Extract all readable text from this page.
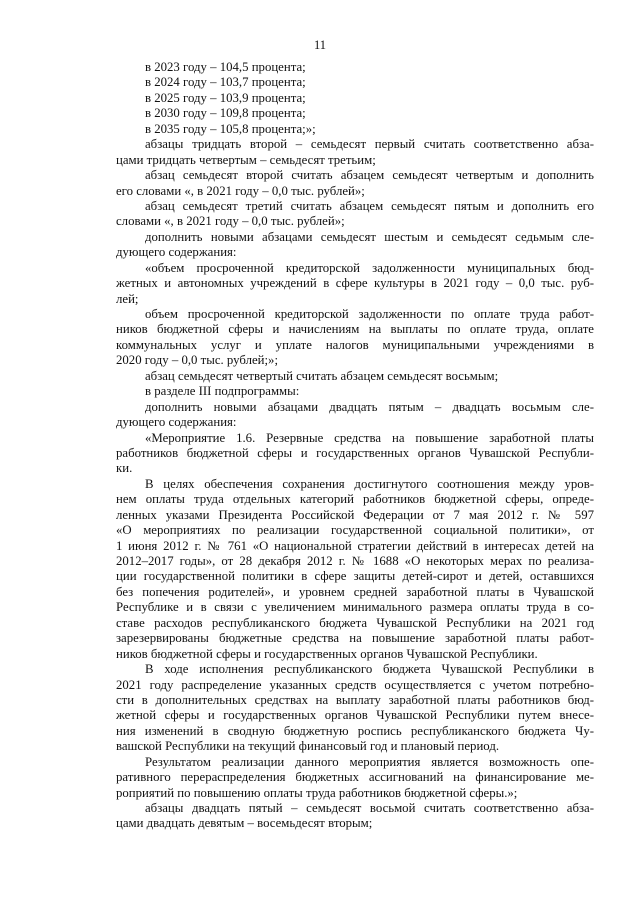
11
в 2023 году – 104,5 процента;
в 2024 году – 103,7 процента;
в 2025 году – 103,9 процента;
в 2030 году – 109,8 процента;
в 2035 году – 105,8 процента;»;
абзацы тридцать второй – семьдесят первый считать соответственно абза-
цами тридцать четвертым – семьдесят третьим;
абзац семьдесят второй считать абзацем семьдесят четвертым и дополнить
его словами «, в 2021 году – 0,0 тыс. рублей»;
абзац семьдесят третий считать абзацем семьдесят пятым и дополнить его
словами «, в 2021 году – 0,0 тыс. рублей»;
дополнить новыми абзацами семьдесят шестым и семьдесят седьмым сле-
дующего содержания:
«объем просроченной кредиторской задолженности муниципальных бюд-
жетных и автономных учреждений в сфере культуры в 2021 году – 0,0 тыс. руб-
лей;
объем просроченной кредиторской задолженности по оплате труда работ-
ников бюджетной сферы и начислениям на выплаты по оплате труда, оплате
коммунальных услуг и уплате налогов муниципальными учреждениями в
2020 году – 0,0 тыс. рублей;»;
абзац семьдесят четвертый считать абзацем семьдесят восьмым;
в разделе III подпрограммы:
дополнить новыми абзацами двадцать пятым – двадцать восьмым сле-
дующего содержания:
«Мероприятие 1.6. Резервные средства на повышение заработной платы
работников бюджетной сферы и государственных органов Чувашской Республи-
ки.
В целях обеспечения сохранения достигнутого соотношения между уров-
нем оплаты труда отдельных категорий работников бюджетной сферы, опреде-
ленных указами Президента Российской Федерации от 7 мая 2012 г. № 597
«О мероприятиях по реализации государственной социальной политики», от
1 июня 2012 г. № 761 «О национальной стратегии действий в интересах детей на
2012–2017 годы», от 28 декабря 2012 г. № 1688 «О некоторых мерах по реализа-
ции государственной политики в сфере защиты детей-сирот и детей, оставшихся
без попечения родителей», и уровнем средней заработной платы в Чувашской
Республике и в связи с увеличением минимального размера оплаты труда в со-
ставе расходов республиканского бюджета Чувашской Республики на 2021 год
зарезервированы бюджетные средства на повышение заработной платы работ-
ников бюджетной сферы и государственных органов Чувашской Республики.
В ходе исполнения республиканского бюджета Чувашской Республики в
2021 году распределение указанных средств осуществляется с учетом потребно-
сти в дополнительных средствах на выплату заработной платы работников бюд-
жетной сферы и государственных органов Чувашской Республики путем внесе-
ния изменений в сводную бюджетную роспись республиканского бюджета Чу-
вашской Республики на текущий финансовый год и плановый период.
Результатом реализации данного мероприятия является возможность опе-
ративного перераспределения бюджетных ассигнований на финансирование ме-
роприятий по повышению оплаты труда работников бюджетной сферы.»;
абзацы двадцать пятый – семьдесят восьмой считать соответственно абза-
цами двадцать девятым – восемьдесят вторым;
